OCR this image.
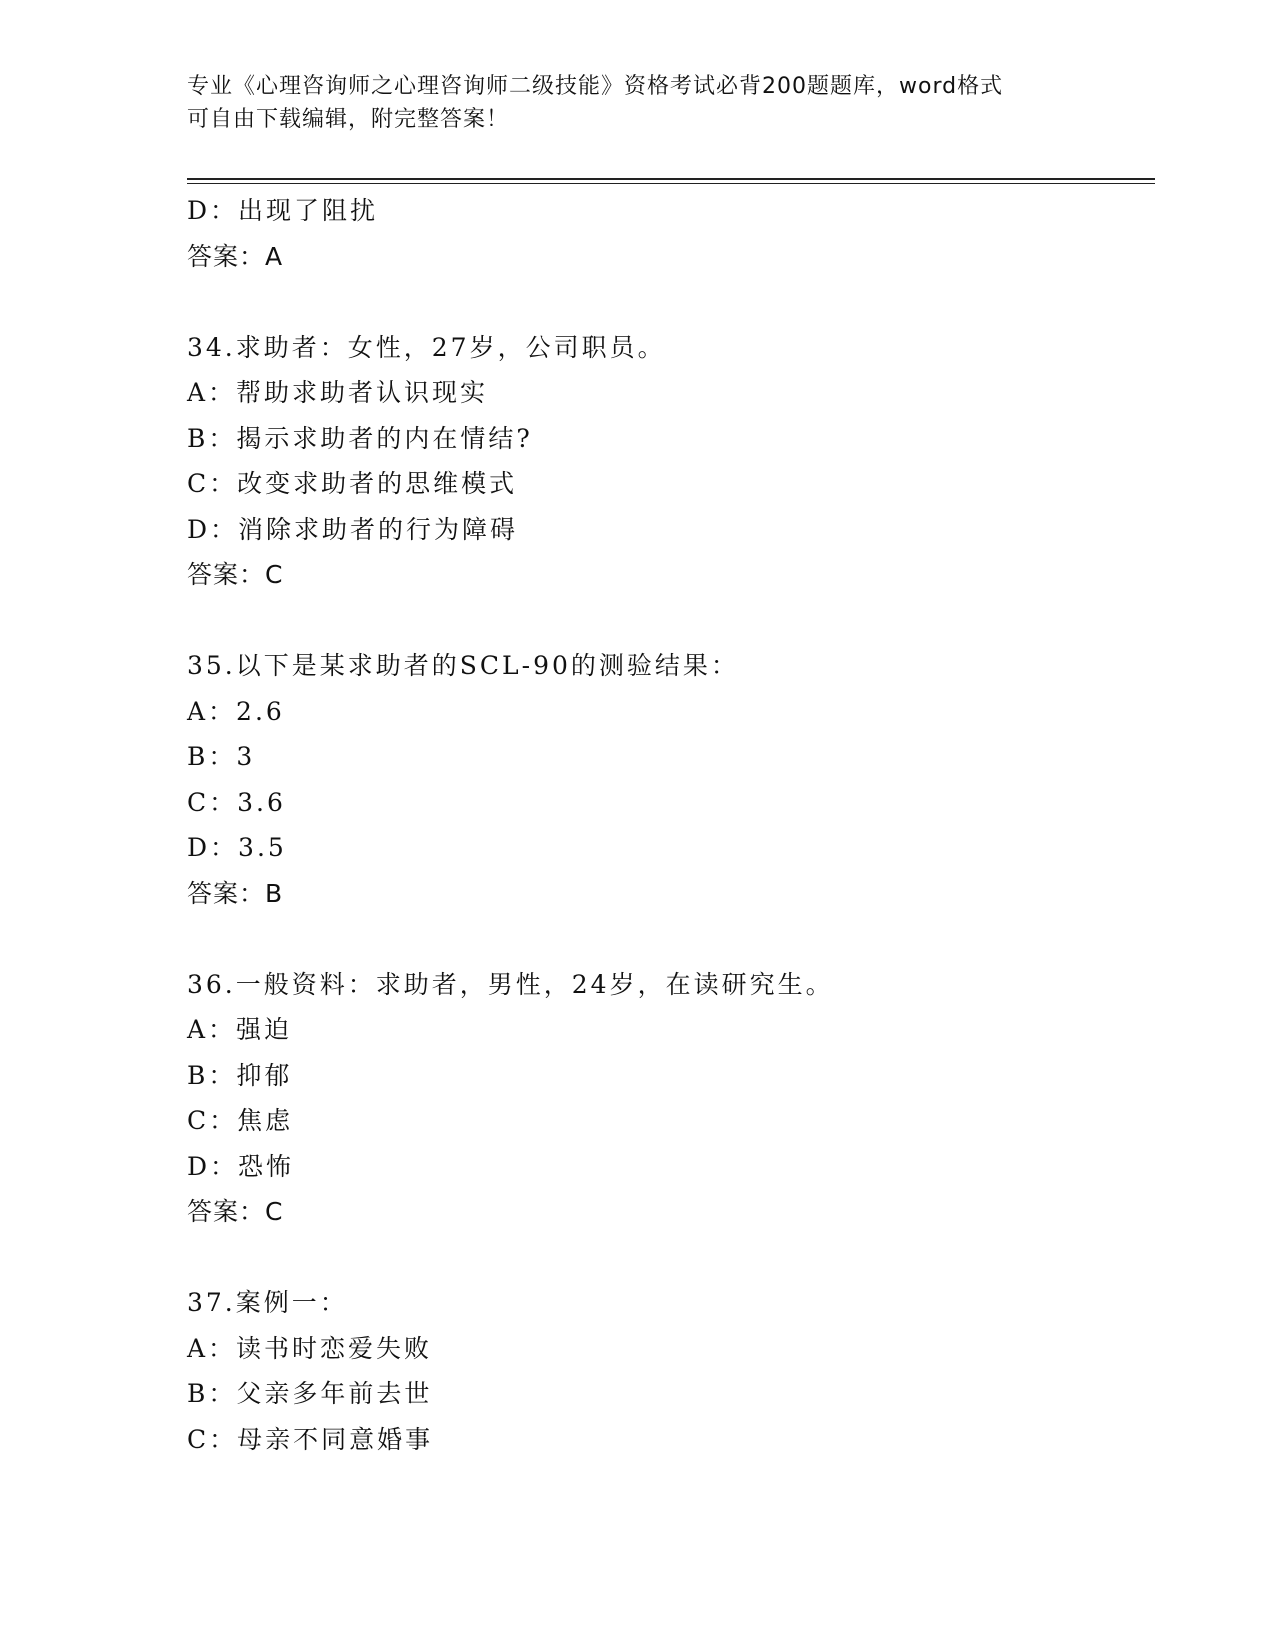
专业《心理咨询师之心理咨询师二级技能》资格考试必背200题题库，word格式
可自由下载编辑，附完整答案！
D：出现了阻扰
答案：A
34.求助者：女性，27岁，公司职员。
A：帮助求助者认识现实
B：揭示求助者的内在情结?
C：改变求助者的思维模式
D：消除求助者的行为障碍
答案：C
35.以下是某求助者的SCL-90的测验结果：
A：2.6
B：3
C：3.6
D：3.5
答案：B
36.一般资料：求助者，男性，24岁，在读研究生。
A：强迫
B：抑郁
C：焦虑
D：恐怖
答案：C
37.案例一：
A：读书时恋爱失败
B：父亲多年前去世
C：母亲不同意婚事
